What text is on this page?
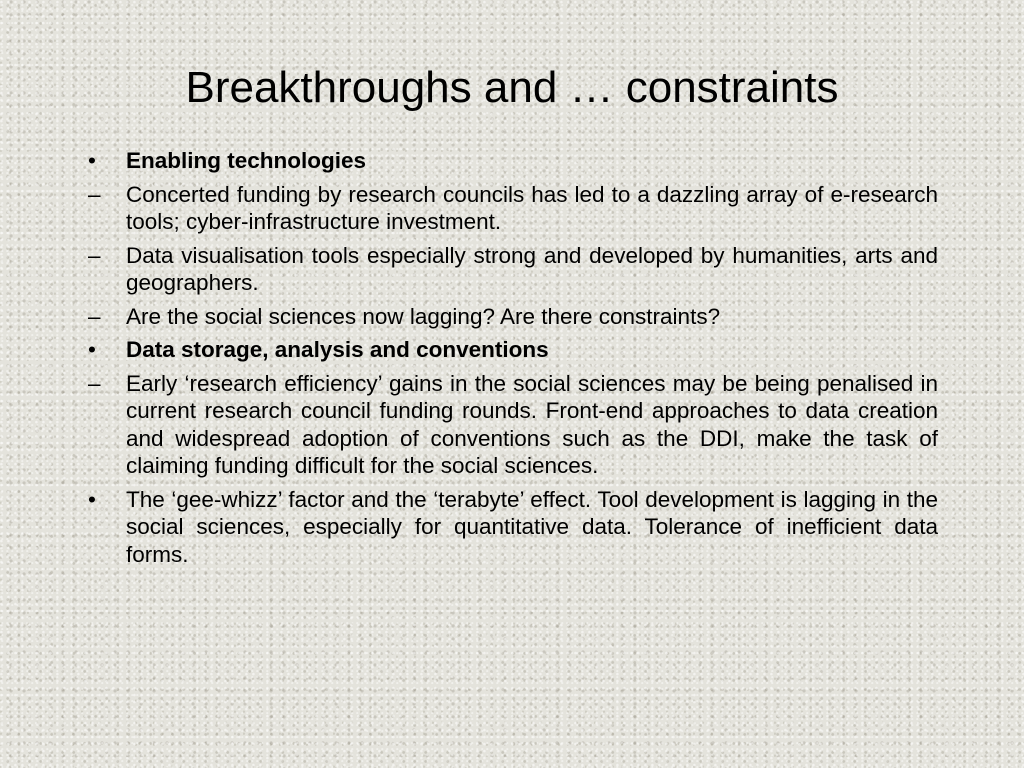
Breakthroughs and … constraints
•	Enabling technologies
–	Concerted funding by research councils has led to a dazzling array of e-research tools; cyber-infrastructure investment.
–	Data visualisation tools especially strong and developed by humanities, arts and geographers.
–	Are the social sciences now lagging? Are there constraints?
•	Data storage, analysis and conventions
–	Early ‘research efficiency’ gains in the social sciences may be being penalised in current research council funding rounds. Front-end approaches to data creation and widespread adoption of conventions such as the DDI, make the task of claiming funding difficult for the social sciences.
•	The ‘gee-whizz’ factor and the ‘terabyte’ effect. Tool development is lagging in the social sciences, especially for quantitative data. Tolerance of inefficient data forms.
